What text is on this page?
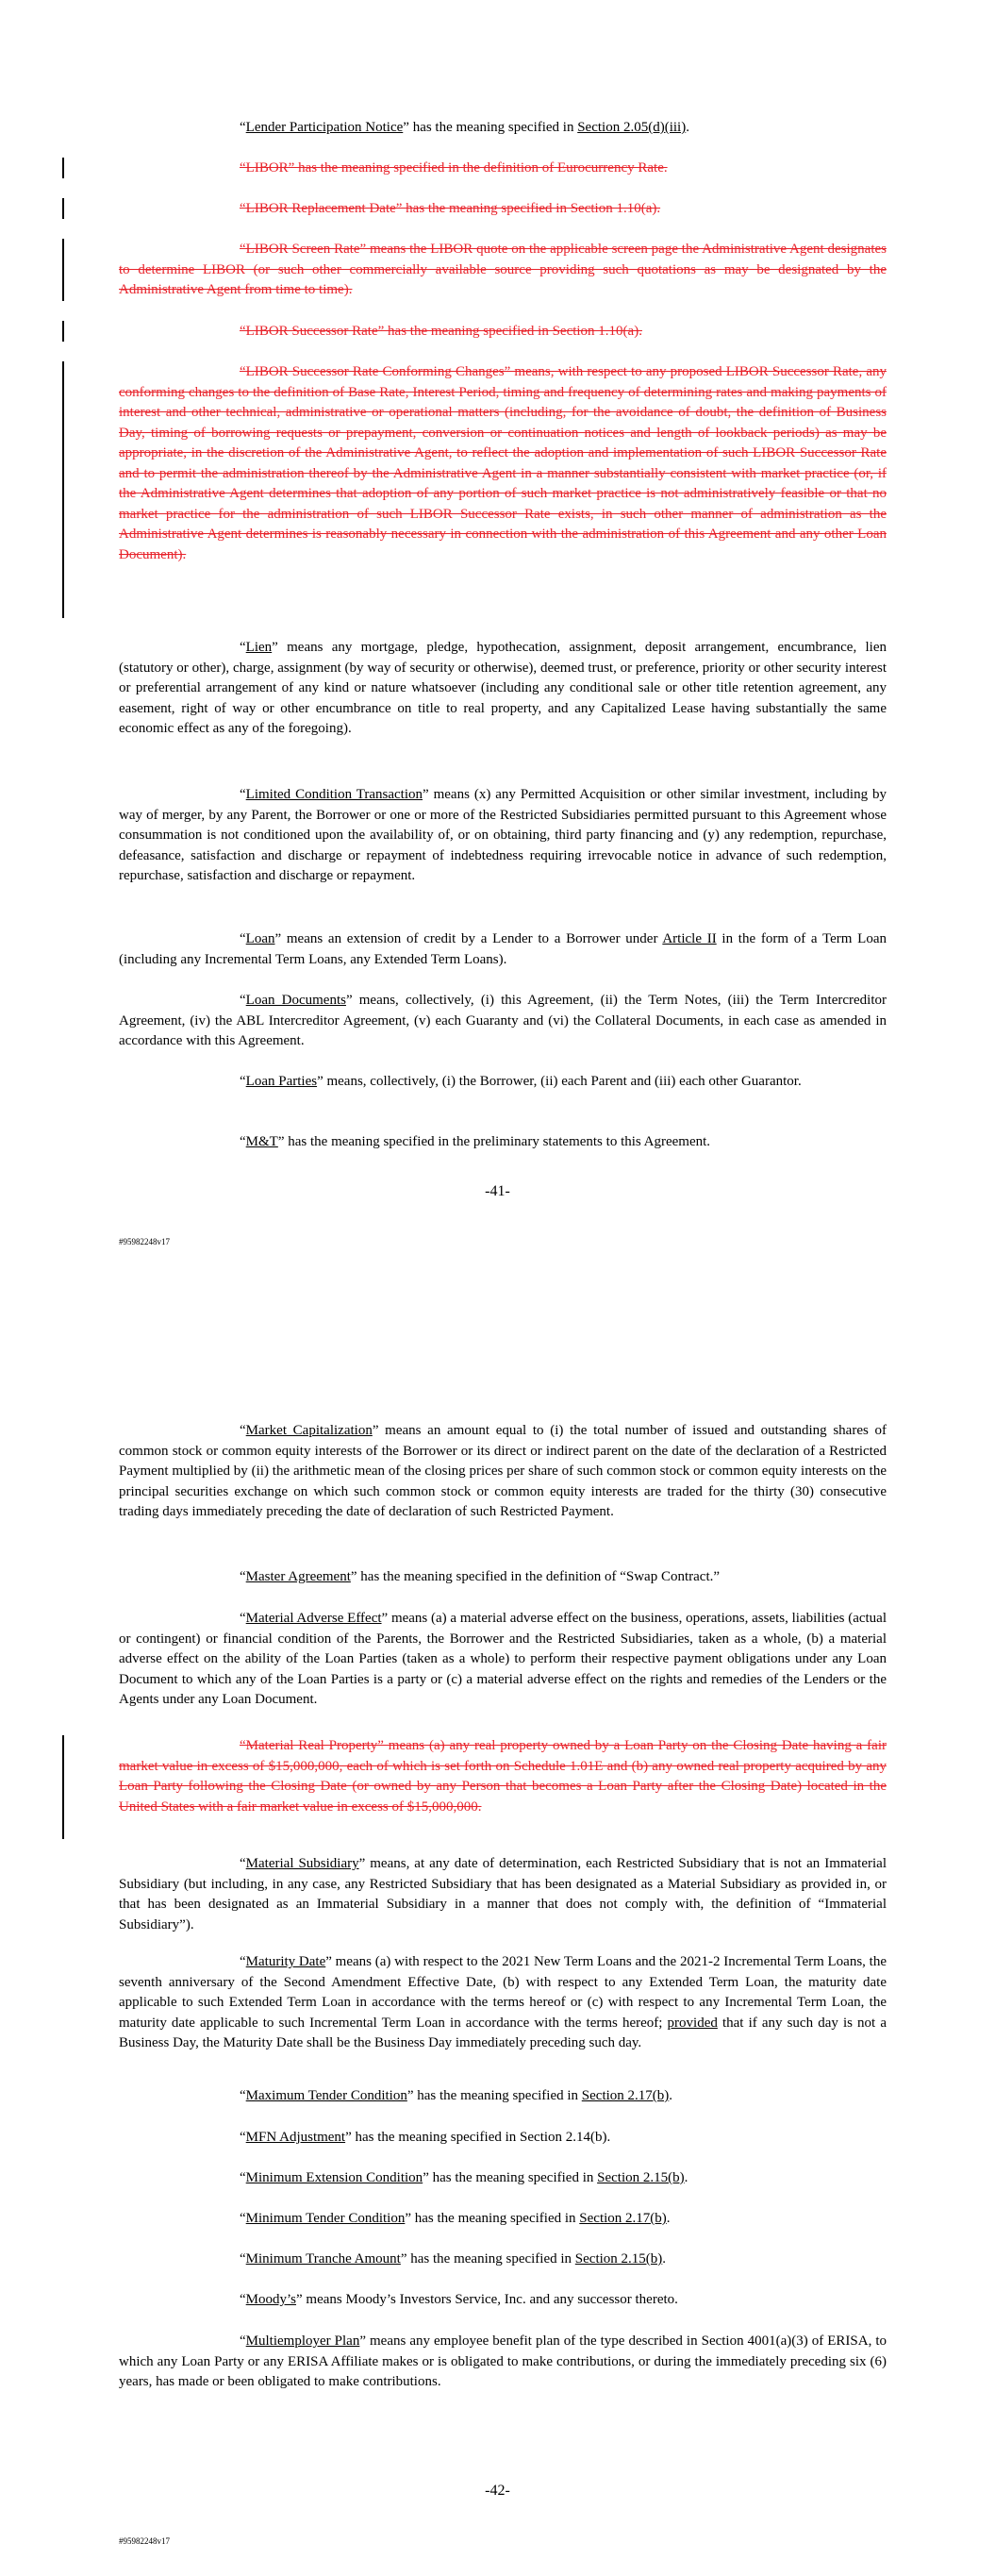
“Lender Participation Notice” has the meaning specified in Section 2.05(d)(iii).
“LIBOR” has the meaning specified in the definition of Eurocurrency Rate.
“LIBOR Replacement Date” has the meaning specified in Section 1.10(a).
“LIBOR Screen Rate” means the LIBOR quote on the applicable screen page the Administrative Agent designates to determine LIBOR (or such other commercially available source providing such quotations as may be designated by the Administrative Agent from time to time).
“LIBOR Successor Rate” has the meaning specified in Section 1.10(a).
“LIBOR Successor Rate Conforming Changes” means, with respect to any proposed LIBOR Successor Rate, any conforming changes to the definition of Base Rate, Interest Period, timing and frequency of determining rates and making payments of interest and other technical, administrative or operational matters (including, for the avoidance of doubt, the definition of Business Day, timing of borrowing requests or prepayment, conversion or continuation notices and length of lookback periods) as may be appropriate, in the discretion of the Administrative Agent, to reflect the adoption and implementation of such LIBOR Successor Rate and to permit the administration thereof by the Administrative Agent in a manner substantially consistent with market practice (or, if the Administrative Agent determines that adoption of any portion of such market practice is not administratively feasible or that no market practice for the administration of such LIBOR Successor Rate exists, in such other manner of administration as the Administrative Agent determines is reasonably necessary in connection with the administration of this Agreement and any other Loan Document).
“Lien” means any mortgage, pledge, hypothecation, assignment, deposit arrangement, encumbrance, lien (statutory or other), charge, assignment (by way of security or otherwise), deemed trust, or preference, priority or other security interest or preferential arrangement of any kind or nature whatsoever (including any conditional sale or other title retention agreement, any easement, right of way or other encumbrance on title to real property, and any Capitalized Lease having substantially the same economic effect as any of the foregoing).
“Limited Condition Transaction” means (x) any Permitted Acquisition or other similar investment, including by way of merger, by any Parent, the Borrower or one or more of the Restricted Subsidiaries permitted pursuant to this Agreement whose consummation is not conditioned upon the availability of, or on obtaining, third party financing and (y) any redemption, repurchase, defeasance, satisfaction and discharge or repayment of indebtedness requiring irrevocable notice in advance of such redemption, repurchase, satisfaction and discharge or repayment.
“Loan” means an extension of credit by a Lender to a Borrower under Article II in the form of a Term Loan (including any Incremental Term Loans, any Extended Term Loans).
“Loan Documents” means, collectively, (i) this Agreement, (ii) the Term Notes, (iii) the Term Intercreditor Agreement, (iv) the ABL Intercreditor Agreement, (v) each Guaranty and (vi) the Collateral Documents, in each case as amended in accordance with this Agreement.
“Loan Parties” means, collectively, (i) the Borrower, (ii) each Parent and (iii) each other Guarantor.
“M&T” has the meaning specified in the preliminary statements to this Agreement.
-41-
#95982248v17
“Market Capitalization” means an amount equal to (i) the total number of issued and outstanding shares of common stock or common equity interests of the Borrower or its direct or indirect parent on the date of the declaration of a Restricted Payment multiplied by (ii) the arithmetic mean of the closing prices per share of such common stock or common equity interests on the principal securities exchange on which such common stock or common equity interests are traded for the thirty (30) consecutive trading days immediately preceding the date of declaration of such Restricted Payment.
“Master Agreement” has the meaning specified in the definition of “Swap Contract.”
“Material Adverse Effect” means (a) a material adverse effect on the business, operations, assets, liabilities (actual or contingent) or financial condition of the Parents, the Borrower and the Restricted Subsidiaries, taken as a whole, (b) a material adverse effect on the ability of the Loan Parties (taken as a whole) to perform their respective payment obligations under any Loan Document to which any of the Loan Parties is a party or (c) a material adverse effect on the rights and remedies of the Lenders or the Agents under any Loan Document.
“Material Real Property” means (a) any real property owned by a Loan Party on the Closing Date having a fair market value in excess of $15,000,000, each of which is set forth on Schedule 1.01E and (b) any owned real property acquired by any Loan Party following the Closing Date (or owned by any Person that becomes a Loan Party after the Closing Date) located in the United States with a fair market value in excess of $15,000,000.
“Material Subsidiary” means, at any date of determination, each Restricted Subsidiary that is not an Immaterial Subsidiary (but including, in any case, any Restricted Subsidiary that has been designated as a Material Subsidiary as provided in, or that has been designated as an Immaterial Subsidiary in a manner that does not comply with, the definition of “Immaterial Subsidiary”).
“Maturity Date” means (a) with respect to the 2021 New Term Loans and the 2021-2 Incremental Term Loans, the seventh anniversary of the Second Amendment Effective Date, (b) with respect to any Extended Term Loan, the maturity date applicable to such Extended Term Loan in accordance with the terms hereof or (c) with respect to any Incremental Term Loan, the maturity date applicable to such Incremental Term Loan in accordance with the terms hereof; provided that if any such day is not a Business Day, the Maturity Date shall be the Business Day immediately preceding such day.
“Maximum Tender Condition” has the meaning specified in Section 2.17(b).
“MFN Adjustment” has the meaning specified in Section 2.14(b).
“Minimum Extension Condition” has the meaning specified in Section 2.15(b).
“Minimum Tender Condition” has the meaning specified in Section 2.17(b).
“Minimum Tranche Amount” has the meaning specified in Section 2.15(b).
“Moody’s” means Moody’s Investors Service, Inc. and any successor thereto.
“Multiemployer Plan” means any employee benefit plan of the type described in Section 4001(a)(3) of ERISA, to which any Loan Party or any ERISA Affiliate makes or is obligated to make contributions, or during the immediately preceding six (6) years, has made or been obligated to make contributions.
-42-
#95982248v17
